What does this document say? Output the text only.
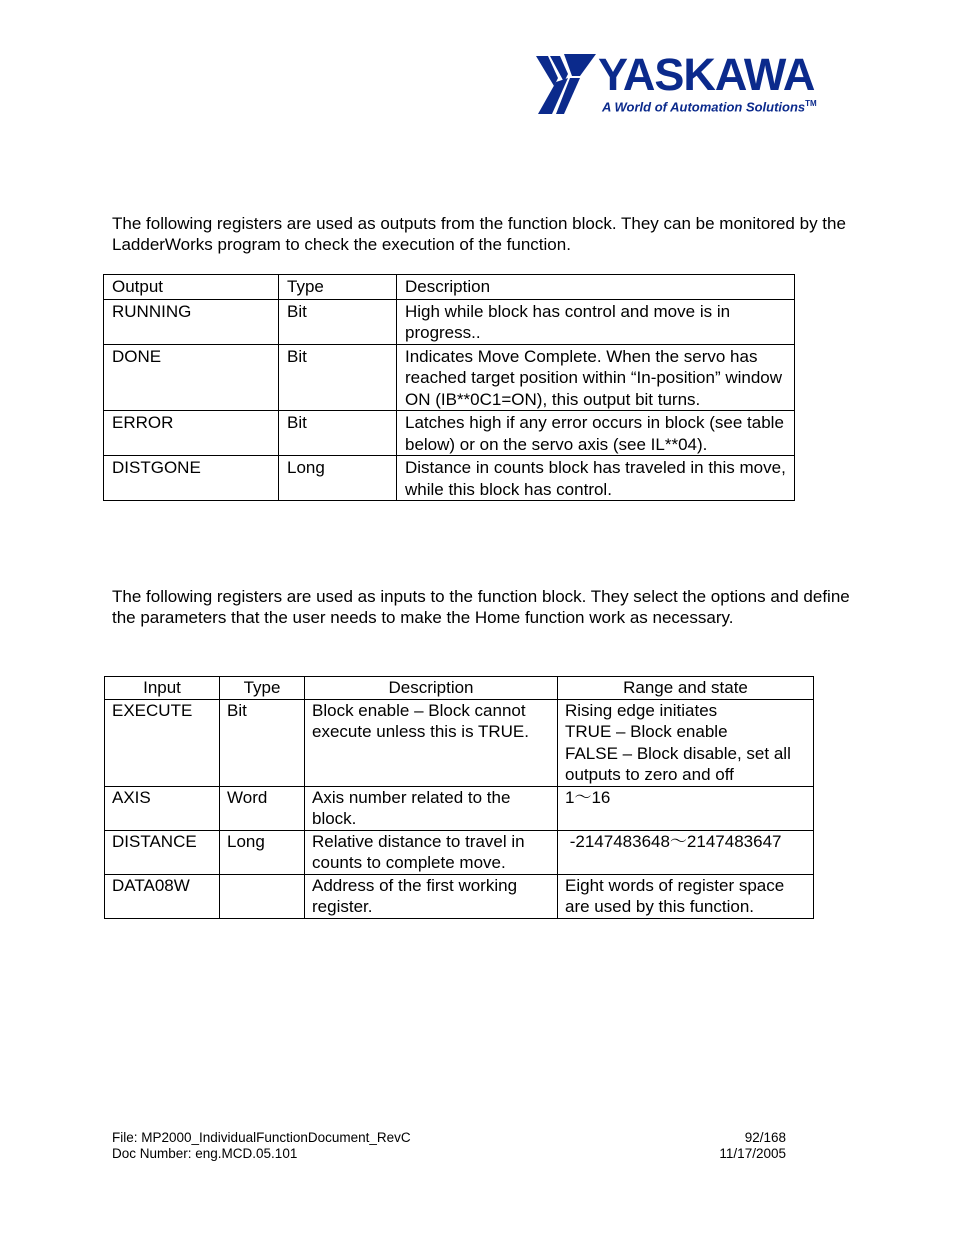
YASKAWA
A World of Automation Solutions™

The following registers are used as outputs from the function block. They can be monitored by the LadderWorks program to check the execution of the function.

Output	Type	Description
RUNNING	Bit	High while block has control and move is in progress..
DONE	Bit	Indicates Move Complete. When the servo has reached target position within “In-position” window ON (IB**0C1=ON), this output bit turns.
ERROR	Bit	Latches high if any error occurs in block (see table below) or on the servo axis (see IL**04).
DISTGONE	Long	Distance in counts block has traveled in this move, while this block has control.

The following registers are used as inputs to the function block. They select the options and define the parameters that the user needs to make the Home function work as necessary.

Input	Type	Description	Range and state
EXECUTE	Bit	Block enable – Block cannot execute unless this is TRUE.	Rising edge initiates
TRUE – Block enable
FALSE – Block disable, set all outputs to zero and off
AXIS	Word	Axis number related to the block.	1～16
DISTANCE	Long	Relative distance to travel in counts to complete move.	-2147483648～2147483647
DATA08W		Address of the first working register.	Eight words of register space are used by this function.
File: MP2000_IndividualFunctionDocument_RevC
Doc Number: eng.MCD.05.101
92/168
11/17/2005
